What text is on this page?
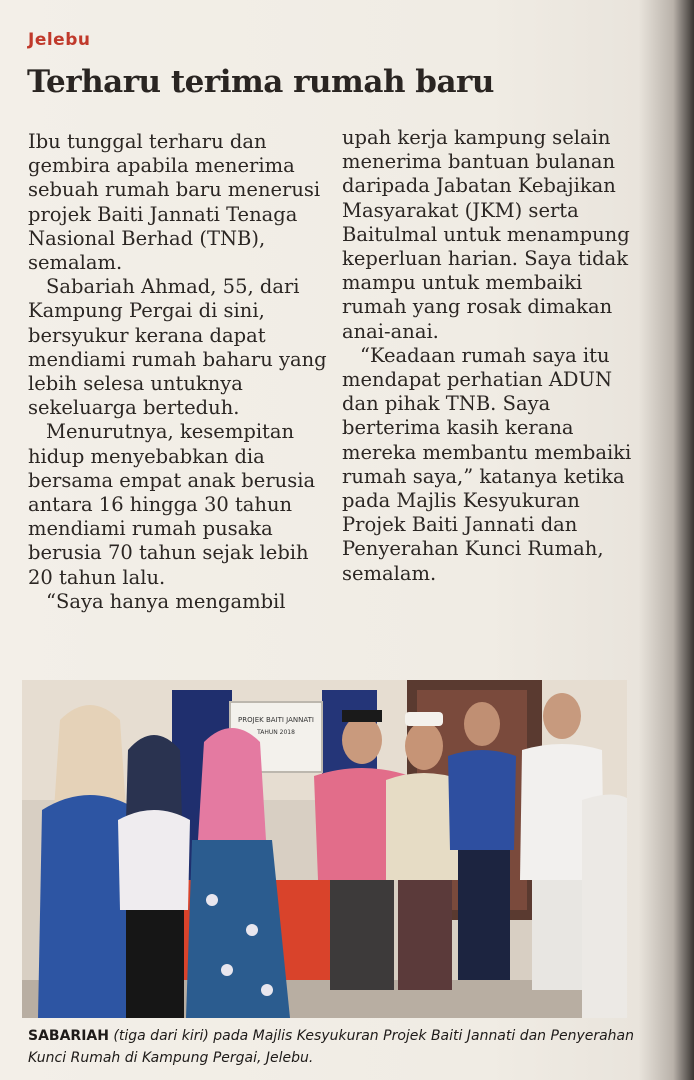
Jelebu
Terharu terima rumah baru

Ibu tunggal terharu dan gembira apabila menerima sebuah rumah baru menerusi projek Baiti Jannati Tenaga Nasional Berhad (TNB), semalam.

Sabariah Ahmad, 55, dari Kampung Pergai di sini, bersyukur kerana dapat mendiami rumah baharu yang lebih selesa untuknya sekeluarga berteduh.

Menurutnya, kesempitan hidup menyebabkan dia bersama empat anak berusia antara 16 hingga 30 tahun mendiami rumah pusaka berusia 70 tahun sejak lebih 20 tahun lalu.

“Saya hanya mengambil

upah kerja kampung selain menerima bantuan bulanan daripada Jabatan Kebajikan Masyarakat (JKM) serta Baitulmal untuk menampung keperluan harian. Saya tidak mampu untuk membaiki rumah yang rosak dimakan anai-anai.

“Keadaan rumah saya itu mendapat perhatian ADUN dan pihak TNB. Saya berterima kasih kerana mereka membantu membaiki rumah saya,” katanya ketika pada Majlis Kesyukuran Projek Baiti Jannati dan Penyerahan Kunci Rumah, semalam.

PROJEK BAITI JANNATI
TAHUN 2018
SABARIAH (tiga dari kiri) pada Majlis Kesyukuran Projek Baiti Jannati dan Penyerahan Kunci Rumah di Kampung Pergai, Jelebu.
